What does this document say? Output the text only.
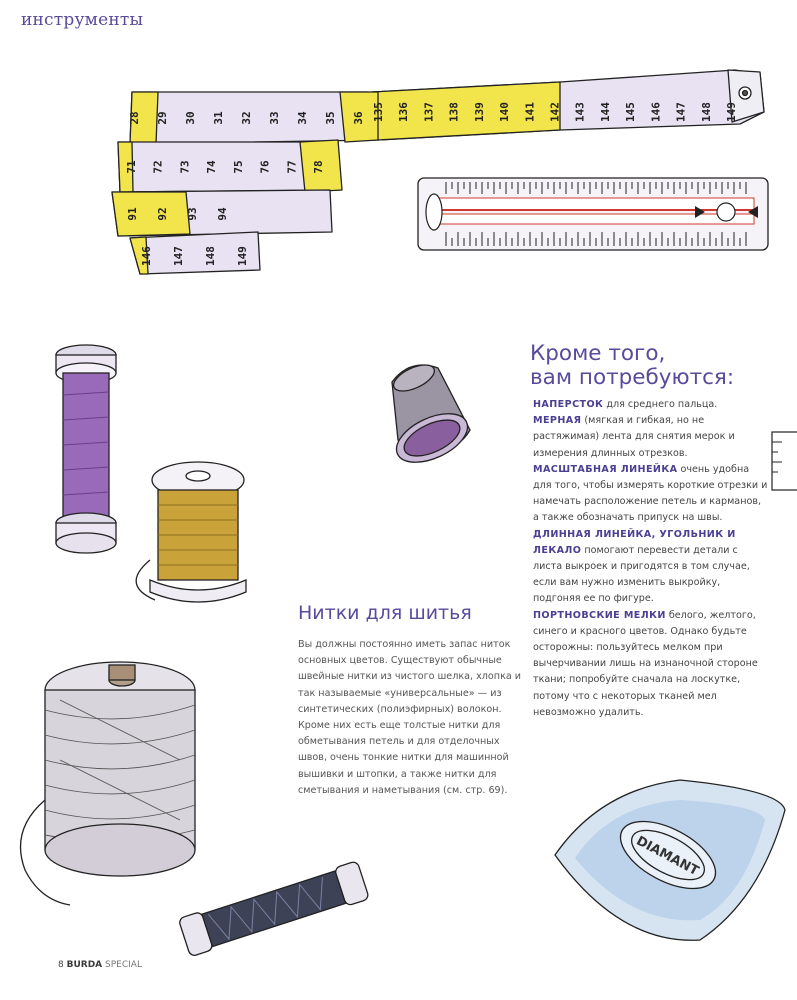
инструменты
135 136 137 138 139 140 141 142 143 144 145 146 147 148 149
28 29 30 31 32 33 34 35 36
71 72 73 74 75 76 77 78
91 92 93 94
146 147 148 149
DIAMANT
Кроме того,
вам потребуются:
НАПЕРСТОК для среднего пальца.
МЕРНАЯ (мягкая и гибкая, но не растяжимая) лента для снятия мерок и измерения длинных отрезков.
МАСШТАБНАЯ ЛИНЕЙКА очень удобна для того, чтобы измерять короткие отрезки и намечать расположение петель и карманов, а также обозначать припуск на швы. ДЛИННАЯ ЛИНЕЙКА, УГОЛЬНИК И ЛЕКАЛО помогают перевести детали с листа выкроек и пригодятся в том случае, если вам нужно изменить выкройку, подгоняя ее по фигуре.
ПОРТНОВСКИЕ МЕЛКИ белого, желтого, синего и красного цветов. Однако будьте осторожны: пользуйтесь мелком при вычерчивании лишь на изнаночной стороне ткани; попробуйте сначала на лоскутке, потому что с некоторых тканей мел невозможно удалить.
Нитки для шитья
Вы должны постоянно иметь запас ниток основных цветов. Существуют обычные швейные нитки из чистого шелка, хлопка и так называемые «универсальные» — из синтетических (полиэфирных) волокон. Кроме них есть еще толстые нитки для обметывания петель и для отделочных швов, очень тонкие нитки для машинной вышивки и штопки, а также нитки для сметывания и наметывания (см. стр. 69).
8 BURDA SPECIAL
